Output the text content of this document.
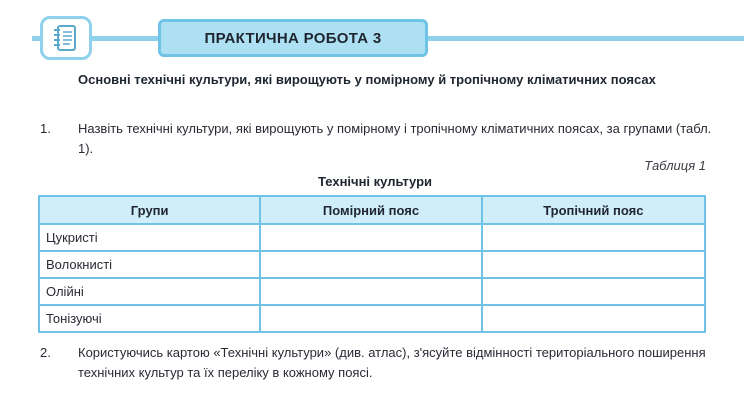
ПРАКТИЧНА РОБОТА 3
Основні технічні культури, які вирощують у помірному й тропічному кліматичних поясах
1. Назвіть технічні культури, які вирощують у помірному і тропічному кліматичних поясах, за групами (табл. 1).
Таблиця 1
Технічні культури
Групи	Помірний пояс	Тропічний пояс
Цукристі		
Волокнисті		
Олійні		
Тонізуючі		
2. Користуючись картою «Технічні культури» (див. атлас), з'ясуйте відмінності територіального поширення технічних культур та їх переліку в кожному поясі.
